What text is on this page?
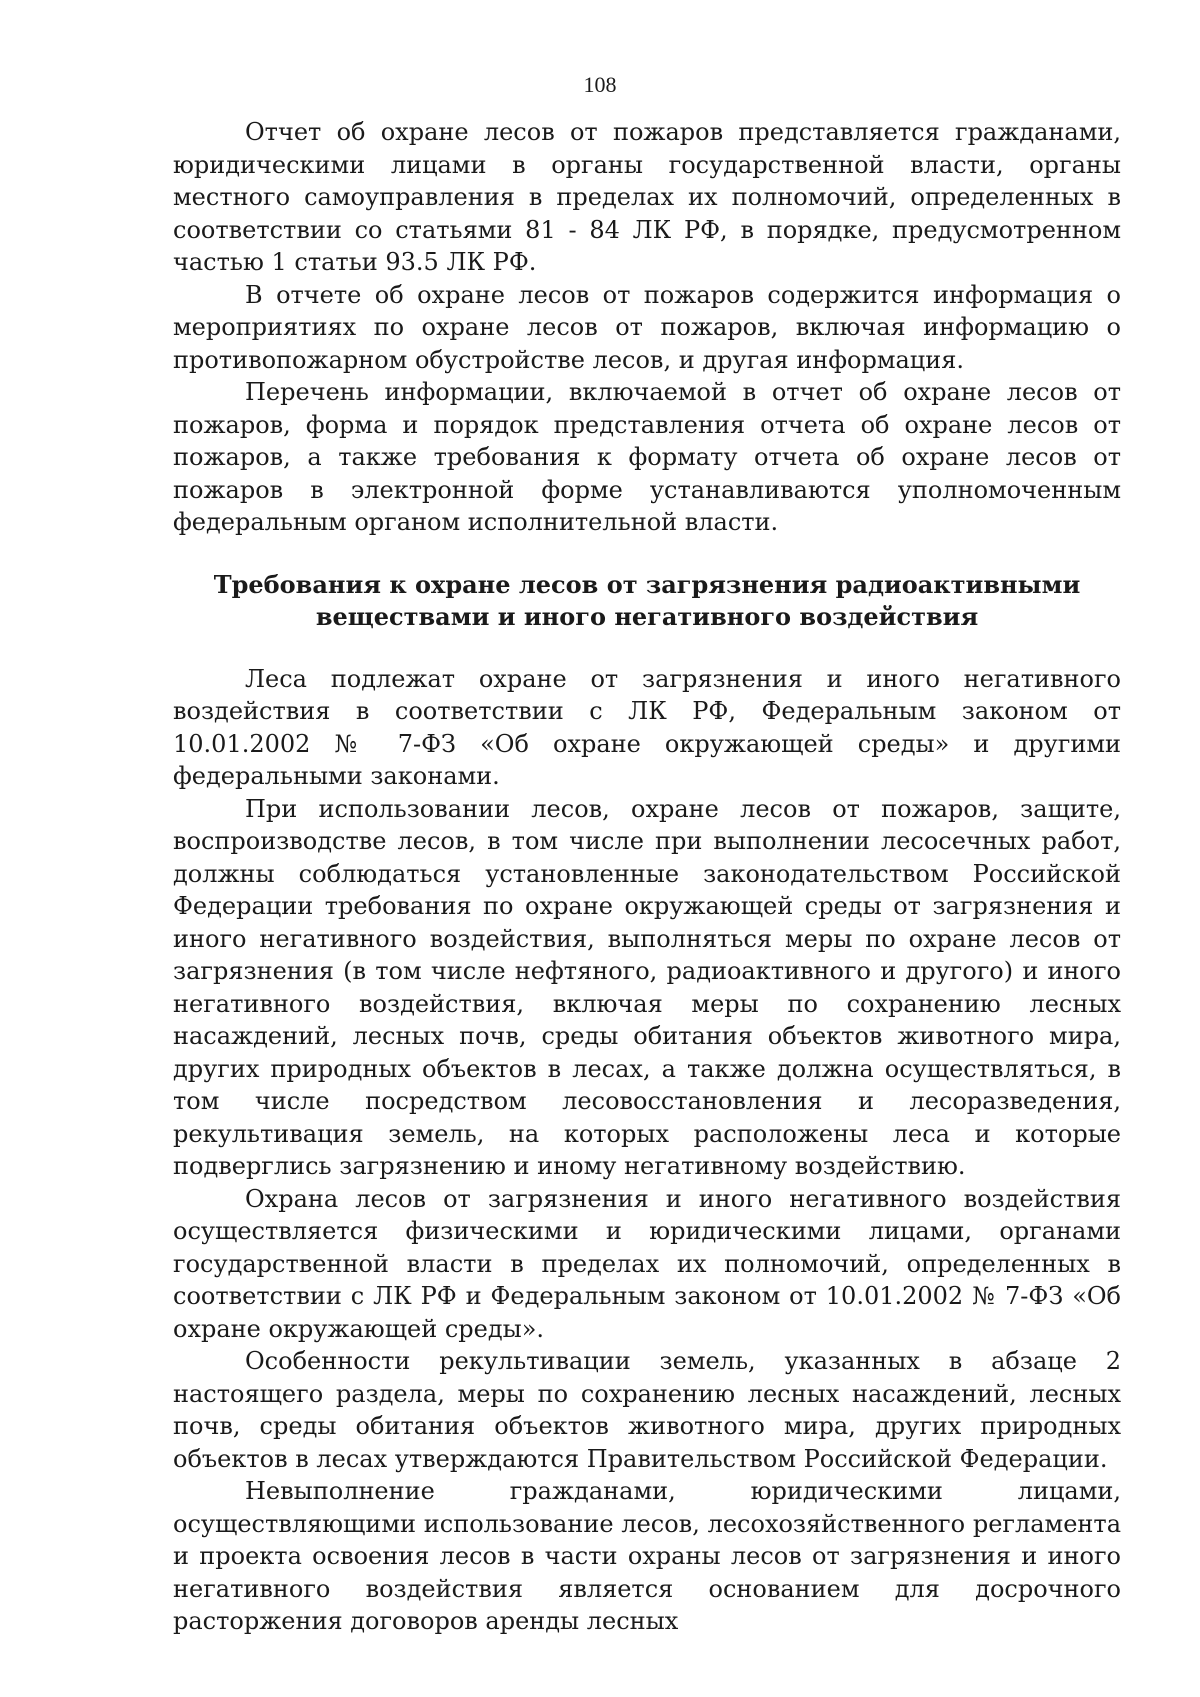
108

Отчет об охране лесов от пожаров представляется гражданами, юридическими лицами в органы государственной власти, органы местного самоуправления в пределах их полномочий, определенных в соответствии со статьями 81 - 84 ЛК РФ, в порядке, предусмотренном частью 1 статьи 93.5 ЛК РФ.

В отчете об охране лесов от пожаров содержится информация о мероприятиях по охране лесов от пожаров, включая информацию о противопожарном обустройстве лесов, и другая информация.

Перечень информации, включаемой в отчет об охране лесов от пожаров, форма и порядок представления отчета об охране лесов от пожаров, а также требования к формату отчета об охране лесов от пожаров в электронной форме устанавливаются уполномоченным федеральным органом исполнительной власти.

Требования к охране лесов от загрязнения радиоактивными
веществами и иного негативного воздействия

Леса подлежат охране от загрязнения и иного негативного воздействия в соответствии с ЛК РФ, Федеральным законом от 10.01.2002 № 7-ФЗ «Об охране окружающей среды» и другими федеральными законами.

При использовании лесов, охране лесов от пожаров, защите, воспроизводстве лесов, в том числе при выполнении лесосечных работ, должны соблюдаться установленные законодательством Российской Федерации требования по охране окружающей среды от загрязнения и иного негативного воздействия, выполняться меры по охране лесов от загрязнения (в том числе нефтяного, радиоактивного и другого) и иного негативного воздействия, включая меры по сохранению лесных насаждений, лесных почв, среды обитания объектов животного мира, других природных объектов в лесах, а также должна осуществляться, в том числе посредством лесовосстановления и лесоразведения, рекультивация земель, на которых расположены леса и которые подверглись загрязнению и иному негативному воздействию.

Охрана лесов от загрязнения и иного негативного воздействия осуществляется физическими и юридическими лицами, органами государственной власти в пределах их полномочий, определенных в соответствии с ЛК РФ и Федеральным законом от 10.01.2002 № 7-ФЗ «Об охране окружающей среды».

Особенности рекультивации земель, указанных в абзаце 2 настоящего раздела, меры по сохранению лесных насаждений, лесных почв, среды обитания объектов животного мира, других природных объектов в лесах утверждаются Правительством Российской Федерации.

Невыполнение гражданами, юридическими лицами, осуществляющими использование лесов, лесохозяйственного регламента и проекта освоения лесов в части охраны лесов от загрязнения и иного негативного воздействия является основанием для досрочного расторжения договоров аренды лесных
